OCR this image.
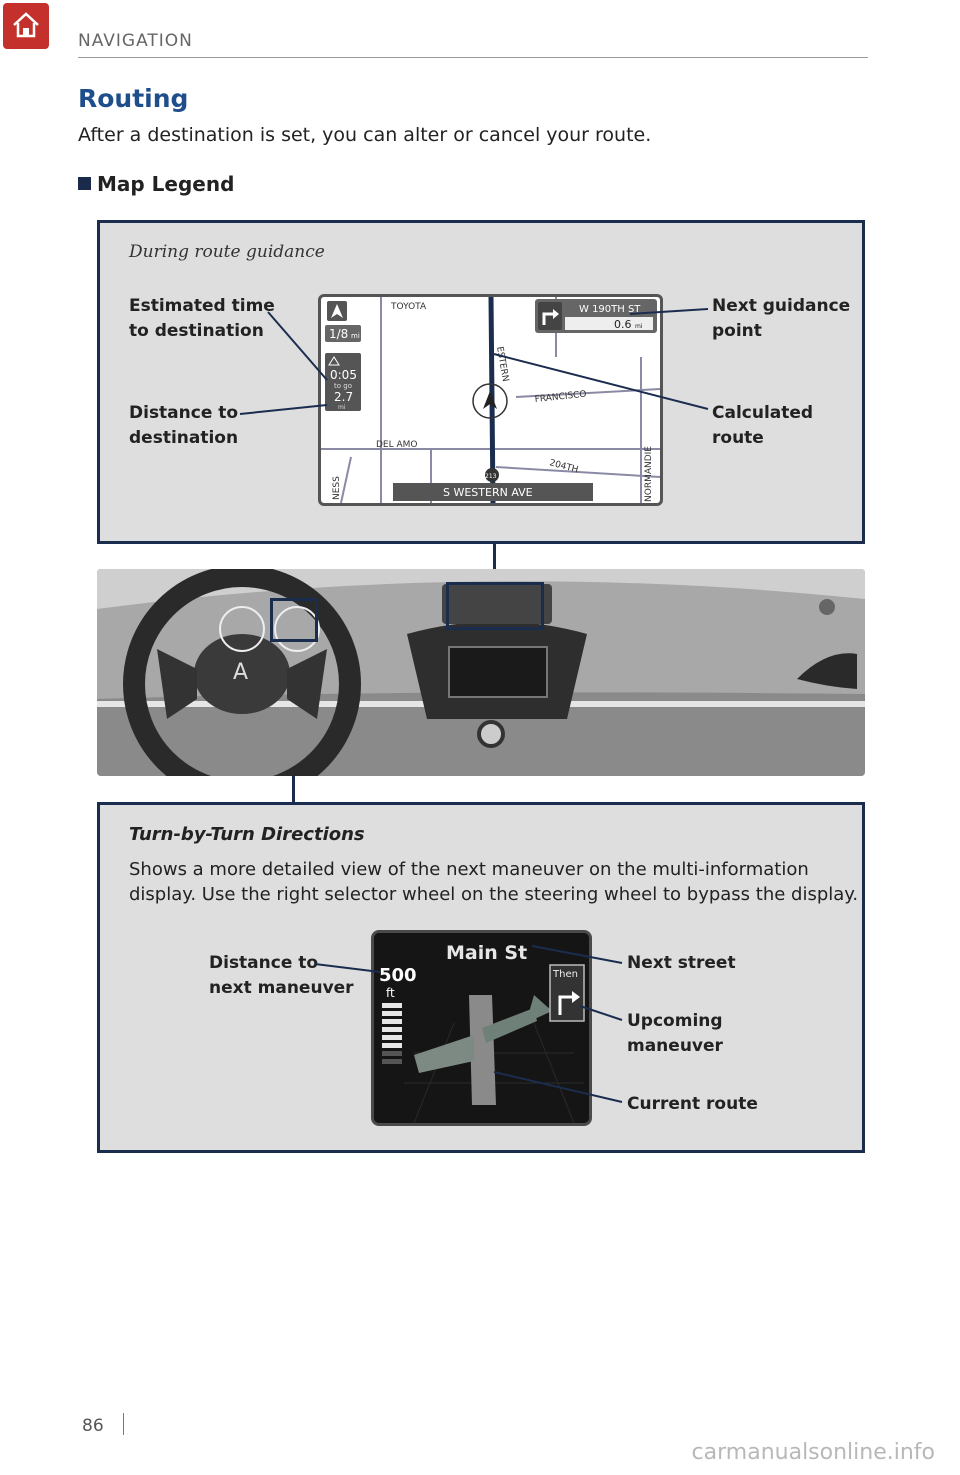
NAVIGATION
Routing
After a destination is set, you can alter or cancel your route.
Map Legend
During route guidance
Estimated time
to destination
Distance to
destination
Next guidance
point
Calculated
route
TOYOTA
FRANCISCO
DEL AMO
204TH	NORMANDIE
NESS
ESTERN
1/8 mi
0:05
to go
2.7
mi
W 190TH ST
0.6 mi
213
S WESTERN AVE
A
Turn-by-Turn Directions
Shows a more detailed view of the next maneuver on the multi-information
display. Use the right selector wheel on the steering wheel to bypass the display.
Distance to
next maneuver
Next street
Upcoming
maneuver
Current route
Main St
500
ft
Then
86
carmanualsonline.info
